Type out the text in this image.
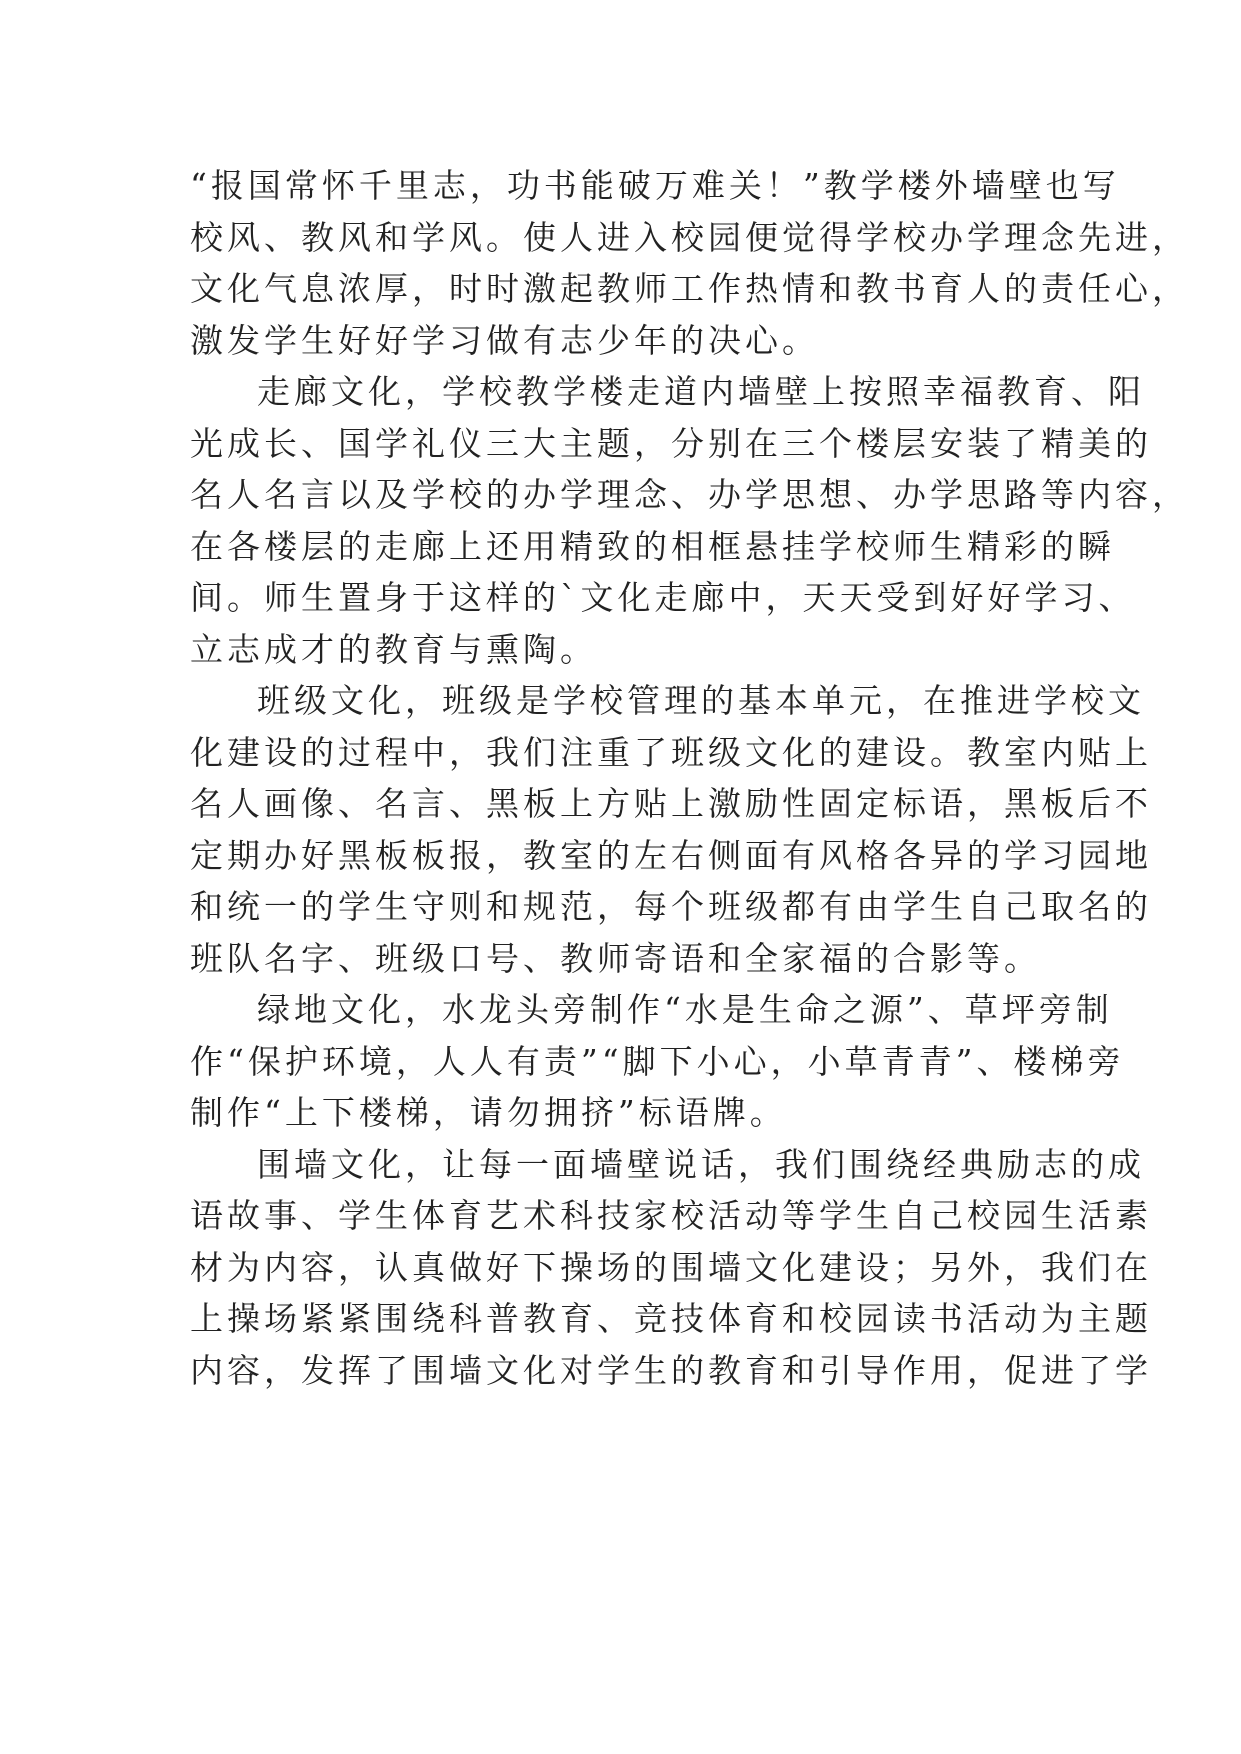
“报国常怀千里志，功书能破万难关！”教学楼外墙壁也写
校风、教风和学风。使人进入校园便觉得学校办学理念先进，
文化气息浓厚，时时激起教师工作热情和教书育人的责任心，
激发学生好好学习做有志少年的决心。
走廊文化，学校教学楼走道内墙壁上按照幸福教育、阳
光成长、国学礼仪三大主题，分别在三个楼层安装了精美的
名人名言以及学校的办学理念、办学思想、办学思路等内容，
在各楼层的走廊上还用精致的相框悬挂学校师生精彩的瞬
间。师生置身于这样的`文化走廊中，天天受到好好学习、
立志成才的教育与熏陶。
班级文化，班级是学校管理的基本单元，在推进学校文
化建设的过程中，我们注重了班级文化的建设。教室内贴上
名人画像、名言、黑板上方贴上激励性固定标语，黑板后不
定期办好黑板板报，教室的左右侧面有风格各异的学习园地
和统一的学生守则和规范，每个班级都有由学生自己取名的
班队名字、班级口号、教师寄语和全家福的合影等。
绿地文化，水龙头旁制作“水是生命之源”、草坪旁制
作“保护环境，人人有责”“脚下小心，小草青青”、楼梯旁
制作“上下楼梯，请勿拥挤”标语牌。
围墙文化，让每一面墙壁说话，我们围绕经典励志的成
语故事、学生体育艺术科技家校活动等学生自己校园生活素
材为内容，认真做好下操场的围墙文化建设；另外，我们在
上操场紧紧围绕科普教育、竞技体育和校园读书活动为主题
内容，发挥了围墙文化对学生的教育和引导作用，促进了学
